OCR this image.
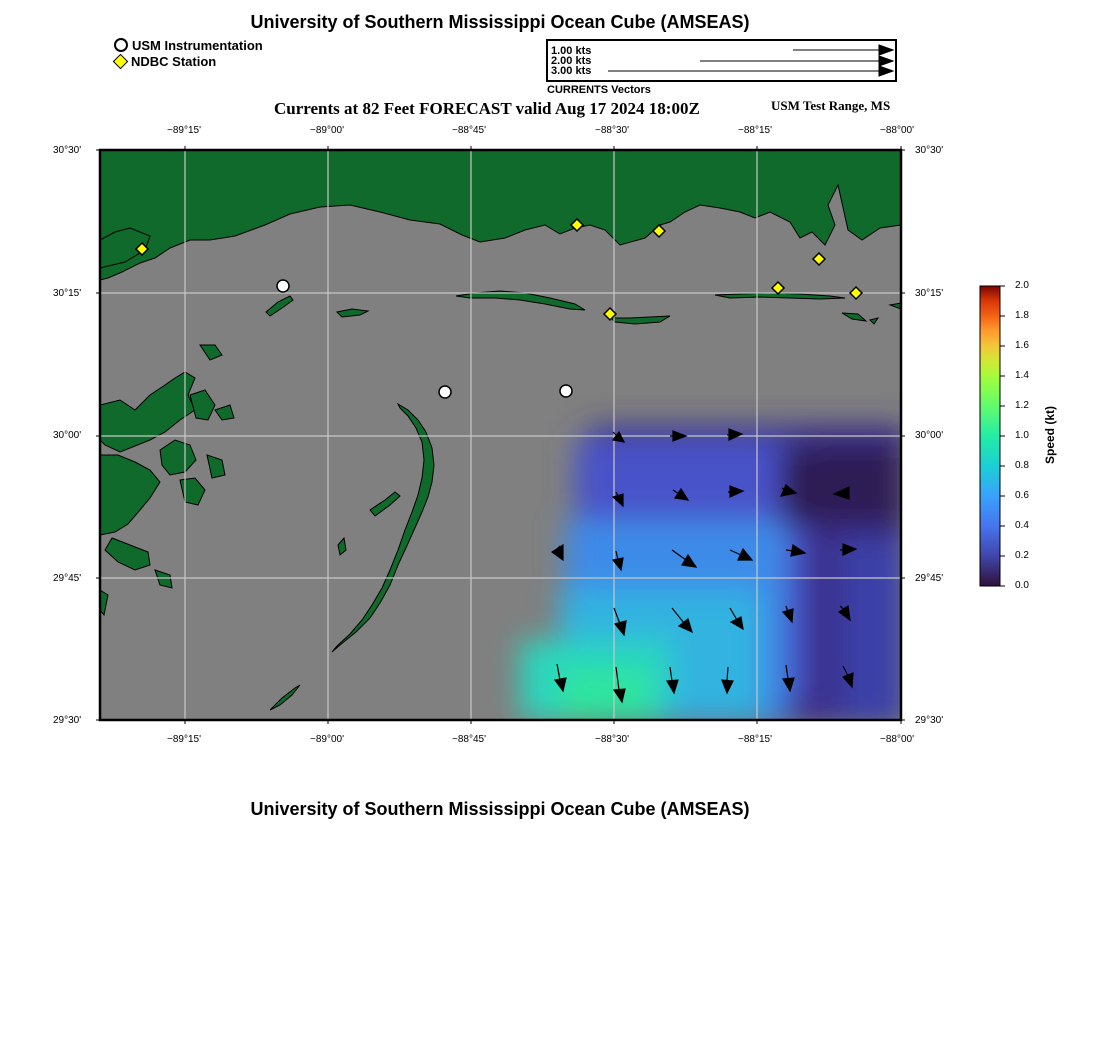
University of Southern Mississippi Ocean Cube (AMSEAS)
USM Instrumentation
NDBC Station
1.00 kts
2.00 kts
3.00 kts
CURRENTS Vectors
Currents at 82 Feet FORECAST valid Aug 17 2024 18:00Z	USM Test Range, MS
−89°15'	−89°00'	−88°45'	−88°30'	−88°15'	−88°00'
−89°15'	−89°00'	−88°45'	−88°30'	−88°15'	−88°00'
30°30'
30°15'
30°00'
29°45'
29°30'
30°30'
30°15'
30°00'
29°45'
29°30'
2.0
1.8
1.6
1.4
1.2
1.0
0.8
0.6
0.4
0.2
0.0
Speed (kt)
University of Southern Mississippi Ocean Cube (AMSEAS)
